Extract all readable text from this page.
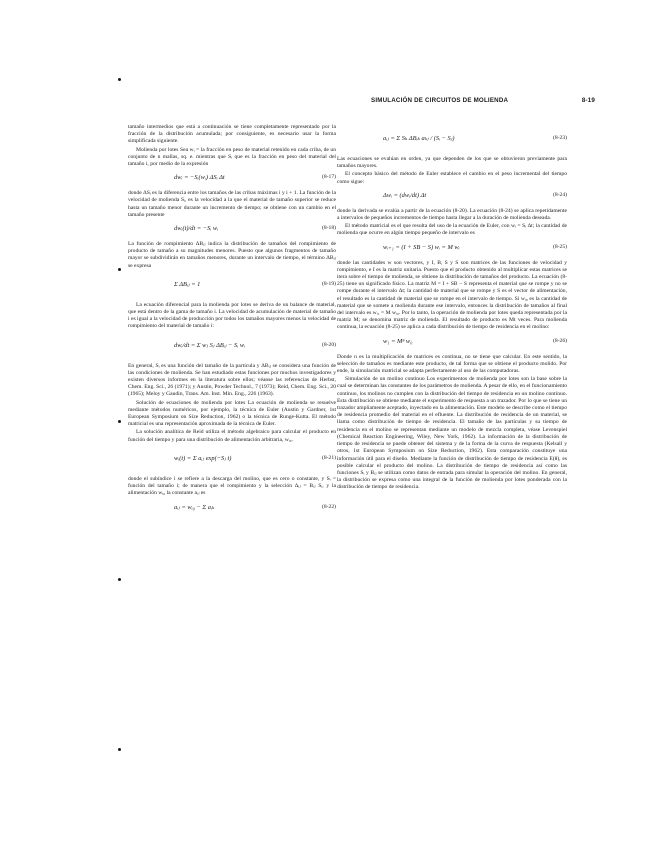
SIMULACIÓN DE CIRCUITOS DE MOLIENDA	8-19

tamaño intermedios que está a continuación se tiene completamente representado por la fracción de la distribución acumulada; por consiguiente, es necesario usar la forma simplificada siguiente.

Molienda por lotes Sea wᵢ = la fracción en peso de material retenido en cada criba, de un conjunto de n mallas, sq. e. mientras que Sᵢ que es la fracción en peso del material del tamaño i, por medio de la expresión

dwᵢ = −Sᵢ(wᵢ) ΔSᵢ Δt	(8-17)

donde ΔSᵢ es la diferencia entre los tamaños de las cribas máximas i y i + 1. La función de la velocidad de molienda Sᵢ, es la velocidad a la que el material de tamaño superior se reduce hasta un tamaño menor durante un incremento de tiempo; se obtiene con un cambio en el tamaño presente

dwᵢ(t)/dt = −Sᵢ wᵢ	(8-18)

La función de rompimiento ΔBᵢⱼ indica la distribución de tamaños del rompimiento de producto de tamaño a su magnitudes menores. Puesto que algunos fragmentos de tamaño mayor se subdividirán en tamaños menores, durante un intervalo de tiempo, el término ΔBᵢⱼ se expresa

Σ ΔBᵢⱼ = 1	(8-19)

La ecuación diferencial para la molienda por lotes se deriva de un balance de material, que está dentro de la gama de tamaño i. La velocidad de acumulación de material de tamaño i es igual a la velocidad de producción por todos los tamaños mayores menos la velocidad de rompimiento del material de tamaño i:

dwᵢ/dt = Σ wⱼ Sⱼ ΔBᵢⱼ − Sᵢ wᵢ	(8-20)

En general, Sᵢ es una función del tamaño de la partícula y ΔBᵢⱼ se considera una función de las condiciones de molienda. Se han estudiado estas funciones por muchos investigadores y existen diversos informes en la literatura sobre ellos; véanse las referencias de Herbst, Chem. Eng. Sci., 26 (1971); y Austin, Powder Technol., 7 (1973); Reid, Chem. Eng. Sci., 20 (1965); Meloy y Gaudin, Trans. Am. Inst. Min. Eng., 226 (1963).

Solución de ecuaciones de molienda por lotes La ecuación de molienda se resuelve mediante métodos numéricos, por ejemplo, la técnica de Euler (Austin y Gardner, 1st European Symposium on Size Reduction, 1962) o la técnica de Runge-Kutta. El método matricial es una representación aproximada de la técnica de Euler.

La solución analítica de Reid utiliza el método algebraico para calcular el producto en función del tiempo y para una distribución de alimentación arbitraria, wᵢ₀.

wᵢ(t) = Σ aᵢⱼ exp(−Sⱼ t)	(8-21)

donde el subíndice i se refiere a la descarga del molino, que es cero o constante, y Sᵢ = función del tamaño i; de manera que el rompimiento y la selección Δᵢⱼ = Bᵢⱼ Sᵢ, y la alimentación wᵢ₀ la constante aᵢⱼ es

aᵢⱼ = wᵢ₀ − Σ aᵢₖ	(8-22)
aᵢⱼ = Σ Sₖ ΔBᵢₖ aₖⱼ / (Sᵢ − Sⱼ)	(8-23)

Las ecuaciones se evalúan en orden, ya que dependen de los que se obtuvieron previamente para tamaños mayores.

El concepto básico del método de Euler establece el cambio en el peso incremental del tiempo como sigue:

Δwᵢ = (dwᵢ/dt) Δt	(8-24)

donde la derivada se evalúa a partir de la ecuación (8-20). La ecuación (8-24) se aplica repetidamente a intervalos de pequeños incrementos de tiempo hasta llegar a la duración de molienda deseada.

El método matricial es el que resulta del uso de la ecuación de Euler, con wᵢ = Sᵢ Δt; la cantidad de molienda que ocurre en algún tiempo pequeño de intervalo es

wᵢ₊₁ = (I + SB − S) wᵢ = M wᵢ	(8-25)

donde las cantidades w son vectores, y I, B, S y S son matrices de las funciones de velocidad y rompimiento, e I es la matriz unitaria. Puesto que el producto obtenido al multiplicar estas matrices se itera sobre el tiempo de molienda, se obtiene la distribución de tamaños del producto. La ecuación (8-25) tiene un significado físico. La matriz M = I + SB − S representa el material que se rompe y no se rompe durante el intervalo Δt; la cantidad de material que se rompe y S es el vector de alimentación, el resultado es la cantidad de material que se rompe en el intervalo de tiempo. Si wᵢ₀ es la cantidad de material que se somete a molienda durante ese intervalo, entonces la distribución de tamaños al final del intervalo es wᵢ₁ = M wᵢ₀. Por lo tanto, la operación de molienda por lotes queda representada por la matriz M; se denomina matriz de molienda. El resultado de producto es Mt veces. Para molienda continua, la ecuación (8-25) se aplica a cada distribución de tiempo de residencia en el molino:

w₁ = Mⁿ w₀	(8-26)

Donde n es la multiplicación de matrices es continua, no se tiene que calcular. En este sentido, la selección de tamaños es mediante este producto, de tal forma que se obtiene el producto molido. Por ende, la simulación matricial se adapta perfectamente al uso de las computadoras.

Simulación de un molino continuo Los experimentos de molienda por lotes son la base sobre la cual se determinan las constantes de los parámetros de molienda. A pesar de ello, en el funcionamiento continuo, los molinos no cumplen con la distribución del tiempo de residencia en un molino continuo. Esta distribución se obtiene mediante el experimento de respuesta a un trazador. Por lo que se tiene un trazador ampliamente aceptado, inyectado en la alimentación. Este modelo se describe como el tiempo de residencia promedio del material en el efluente. La distribución de residencia de un material, se llama como distribución de tiempo de residencia. El tamaño de las partículas y su tiempo de residencia en el molino se representan mediante un modelo de mezcla completa, véase Levenspiel (Chemical Reaction Engineering, Wiley, New York, 1962). La información de la distribución de tiempo de residencia se puede obtener del sistema y de la forma de la curva de respuesta (Kelsall y otros, 1st European Symposium on Size Reduction, 1962). Esta comparación constituye una información útil para el diseño. Mediante la función de distribución de tiempo de residencia E(θ), es posible calcular el producto del molino. La distribución de tiempo de residencia así como las funciones Sᵢ y Bᵢⱼ se utilizan como datos de entrada para simular la operación del molino. En general, la distribución se expresa como una integral de la función de molienda por lotes ponderada con la distribución de tiempo de residencia.
